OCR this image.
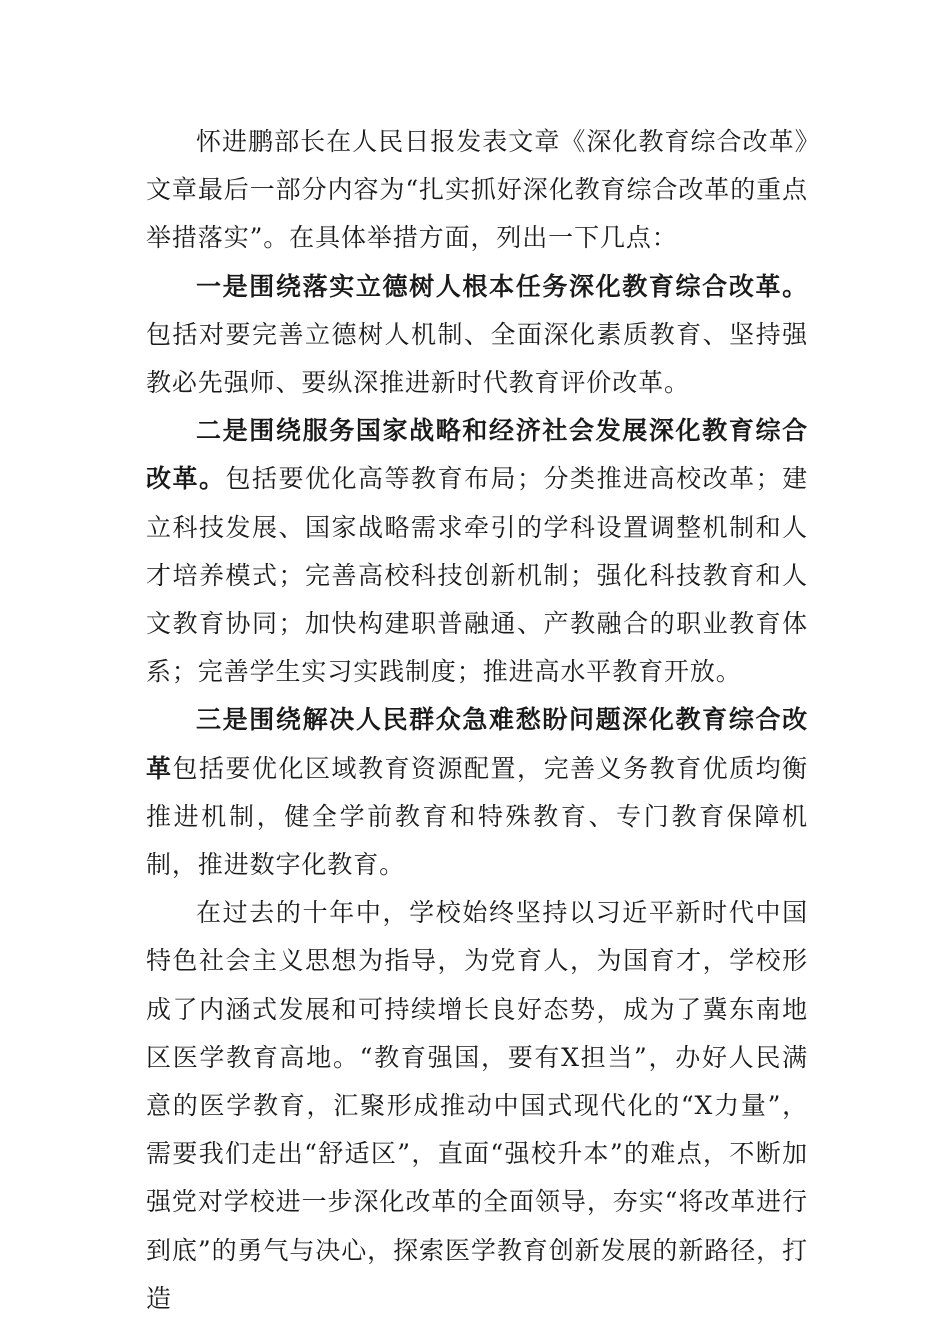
怀进鹏部长在人民日报发表文章《深化教育综合改革》文章最后一部分内容为“扎实抓好深化教育综合改革的重点举措落实”。在具体举措方面，列出一下几点：

一是围绕落实立德树人根本任务深化教育综合改革。包括对要完善立德树人机制、全面深化素质教育、坚持强教必先强师、要纵深推进新时代教育评价改革。

二是围绕服务国家战略和经济社会发展深化教育综合改革。包括要优化高等教育布局；分类推进高校改革；建立科技发展、国家战略需求牵引的学科设置调整机制和人才培养模式；完善高校科技创新机制；强化科技教育和人文教育协同；加快构建职普融通、产教融合的职业教育体系；完善学生实习实践制度；推进高水平教育开放。

三是围绕解决人民群众急难愁盼问题深化教育综合改革包括要优化区域教育资源配置，完善义务教育优质均衡推进机制，健全学前教育和特殊教育、专门教育保障机制，推进数字化教育。

在过去的十年中，学校始终坚持以习近平新时代中国特色社会主义思想为指导，为党育人，为国育才，学校形成了内涵式发展和可持续增长良好态势，成为了冀东南地区医学教育高地。“教育强国，要有X担当”，办好人民满意的医学教育，汇聚形成推动中国式现代化的“X力量”，需要我们走出“舒适区”，直面“强校升本”的难点，不断加强党对学校进一步深化改革的全面领导，夯实“将改革进行到底”的勇气与决心，探索医学教育创新发展的新路径，打造
